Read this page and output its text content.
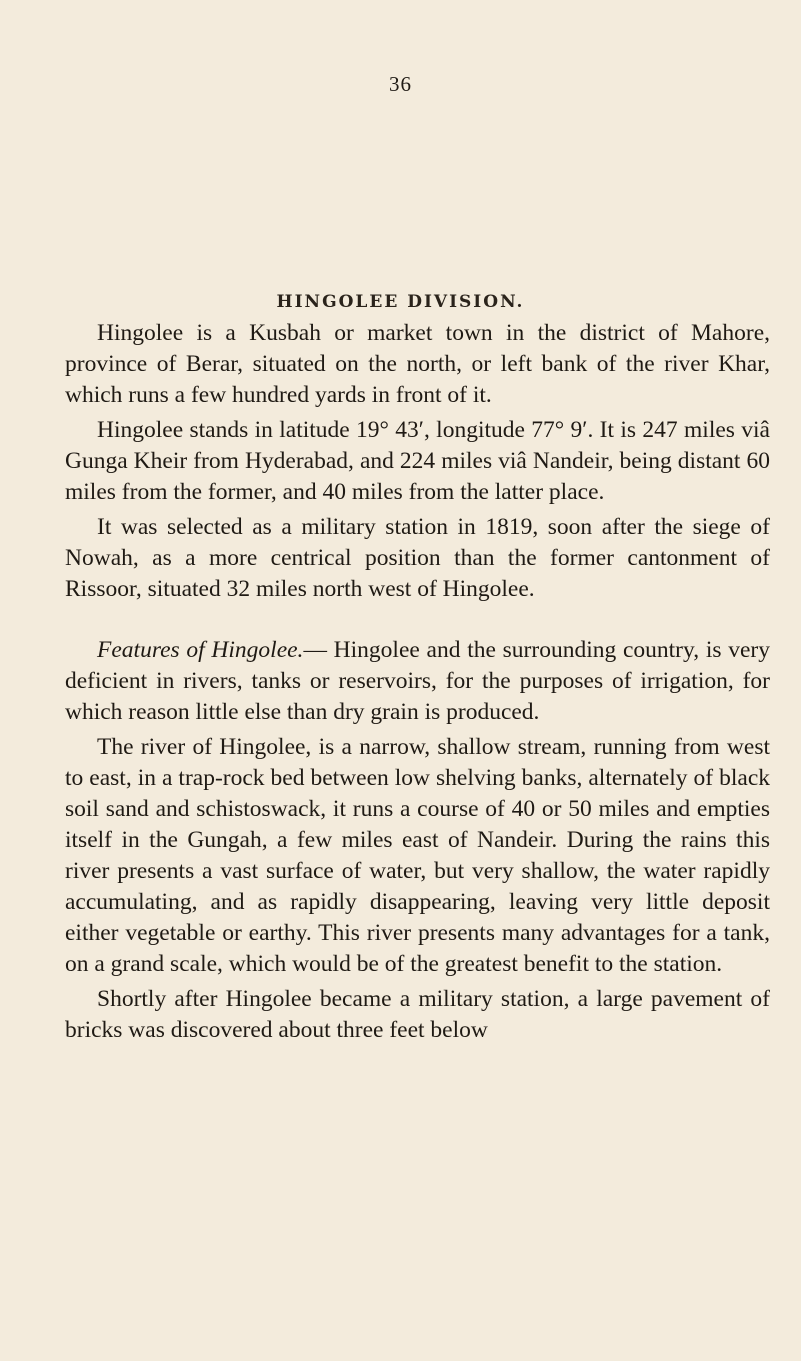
36
HINGOLEE DIVISION.

Hingolee is a Kusbah or market town in the district of Mahore, province of Berar, situated on the north, or left bank of the river Khar, which runs a few hundred yards in front of it.

Hingolee stands in latitude 19° 43′, longitude 77° 9′. It is 247 miles viâ Gunga Kheir from Hyderabad, and 224 miles viâ Nandeir, being distant 60 miles from the former, and 40 miles from the latter place.

It was selected as a military station in 1819, soon after the siege of Nowah, as a more centrical position than the former cantonment of Rissoor, situated 32 miles north west of Hingolee.

Features of Hingolee.— Hingolee and the surrounding country, is very deficient in rivers, tanks or reservoirs, for the purposes of irrigation, for which reason little else than dry grain is produced.

The river of Hingolee, is a narrow, shallow stream, running from west to east, in a trap-rock bed between low shelving banks, alternately of black soil sand and schistoswack, it runs a course of 40 or 50 miles and empties itself in the Gungah, a few miles east of Nandeir. During the rains this river presents a vast surface of water, but very shallow, the water rapidly accumulating, and as rapidly disappearing, leaving very little deposit either vegetable or earthy. This river presents many advantages for a tank, on a grand scale, which would be of the greatest benefit to the station.

Shortly after Hingolee became a military station, a large pavement of bricks was discovered about three feet below
